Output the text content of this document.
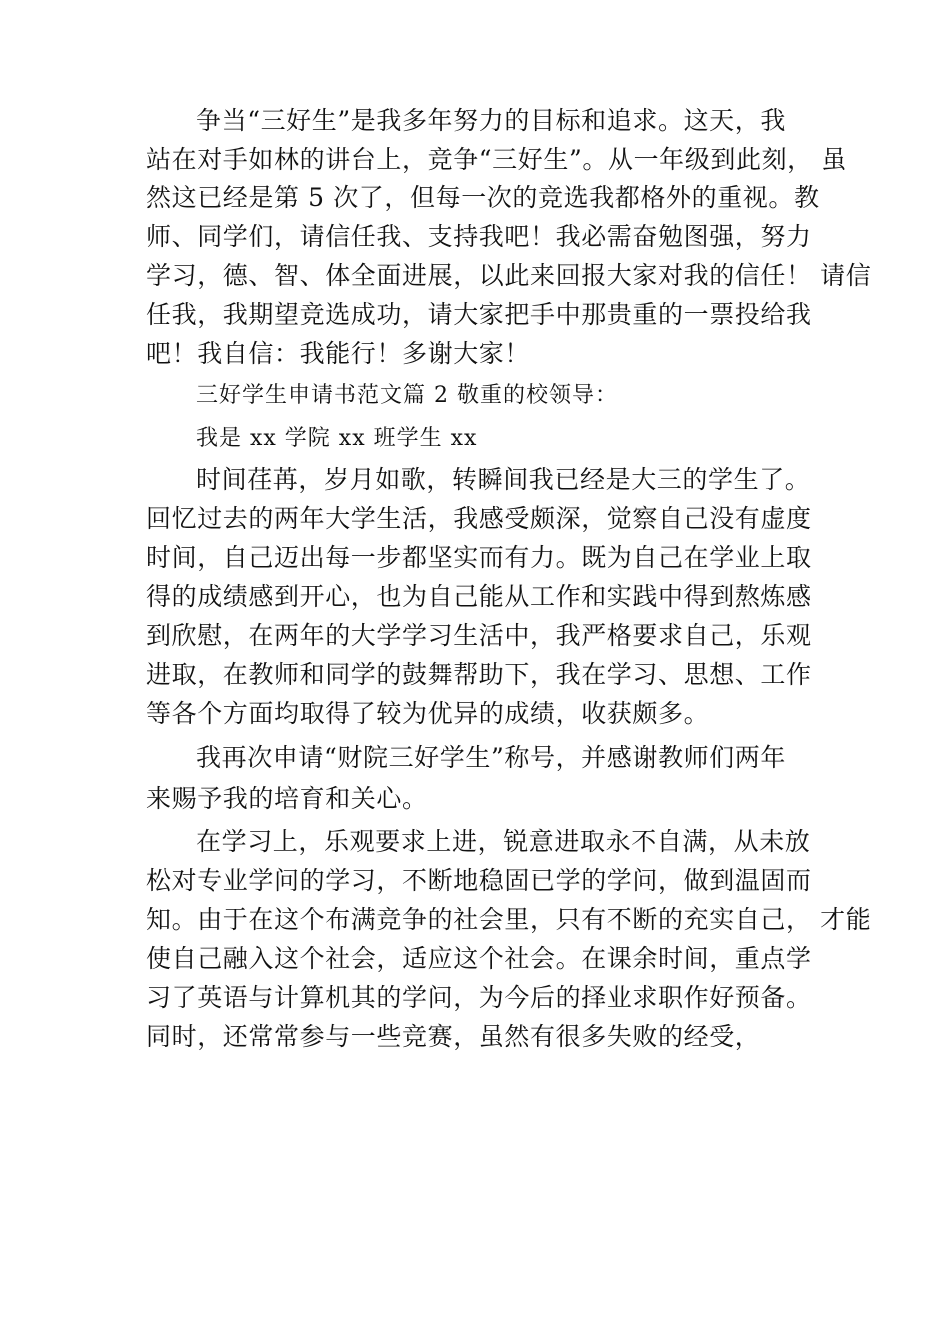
争当“三好生”是我多年努力的目标和追求。这天，我
站在对手如林的讲台上，竞争“三好生”。从一年级到此刻， 虽
然这已经是第 5 次了，但每一次的竞选我都格外的重视。教
师、同学们，请信任我、支持我吧！我必需奋勉图强，努力
学习，德、智、体全面进展，以此来回报大家对我的信任！ 请信
任我，我期望竞选成功，请大家把手中那贵重的一票投给我
吧！我自信：我能行！多谢大家！
三好学生申请书范文篇 2 敬重的校领导：
我是 xx 学院 xx 班学生 xx
时间荏苒，岁月如歌，转瞬间我已经是大三的学生了。
回忆过去的两年大学生活，我感受颇深，觉察自己没有虚度
时间，自己迈出每一步都坚实而有力。既为自己在学业上取
得的成绩感到开心，也为自己能从工作和实践中得到熬炼感
到欣慰，在两年的大学学习生活中，我严格要求自己，乐观
进取，在教师和同学的鼓舞帮助下，我在学习、思想、工作
等各个方面均取得了较为优异的成绩，收获颇多。
我再次申请“财院三好学生”称号，并感谢教师们两年
来赐予我的培育和关心。
在学习上，乐观要求上进，锐意进取永不自满，从未放
松对专业学问的学习，不断地稳固已学的学问，做到温固而
知。由于在这个布满竞争的社会里，只有不断的充实自己， 才能
使自己融入这个社会，适应这个社会。在课余时间，重点学
习了英语与计算机其的学问，为今后的择业求职作好预备。
同时，还常常参与一些竞赛，虽然有很多失败的经受，
